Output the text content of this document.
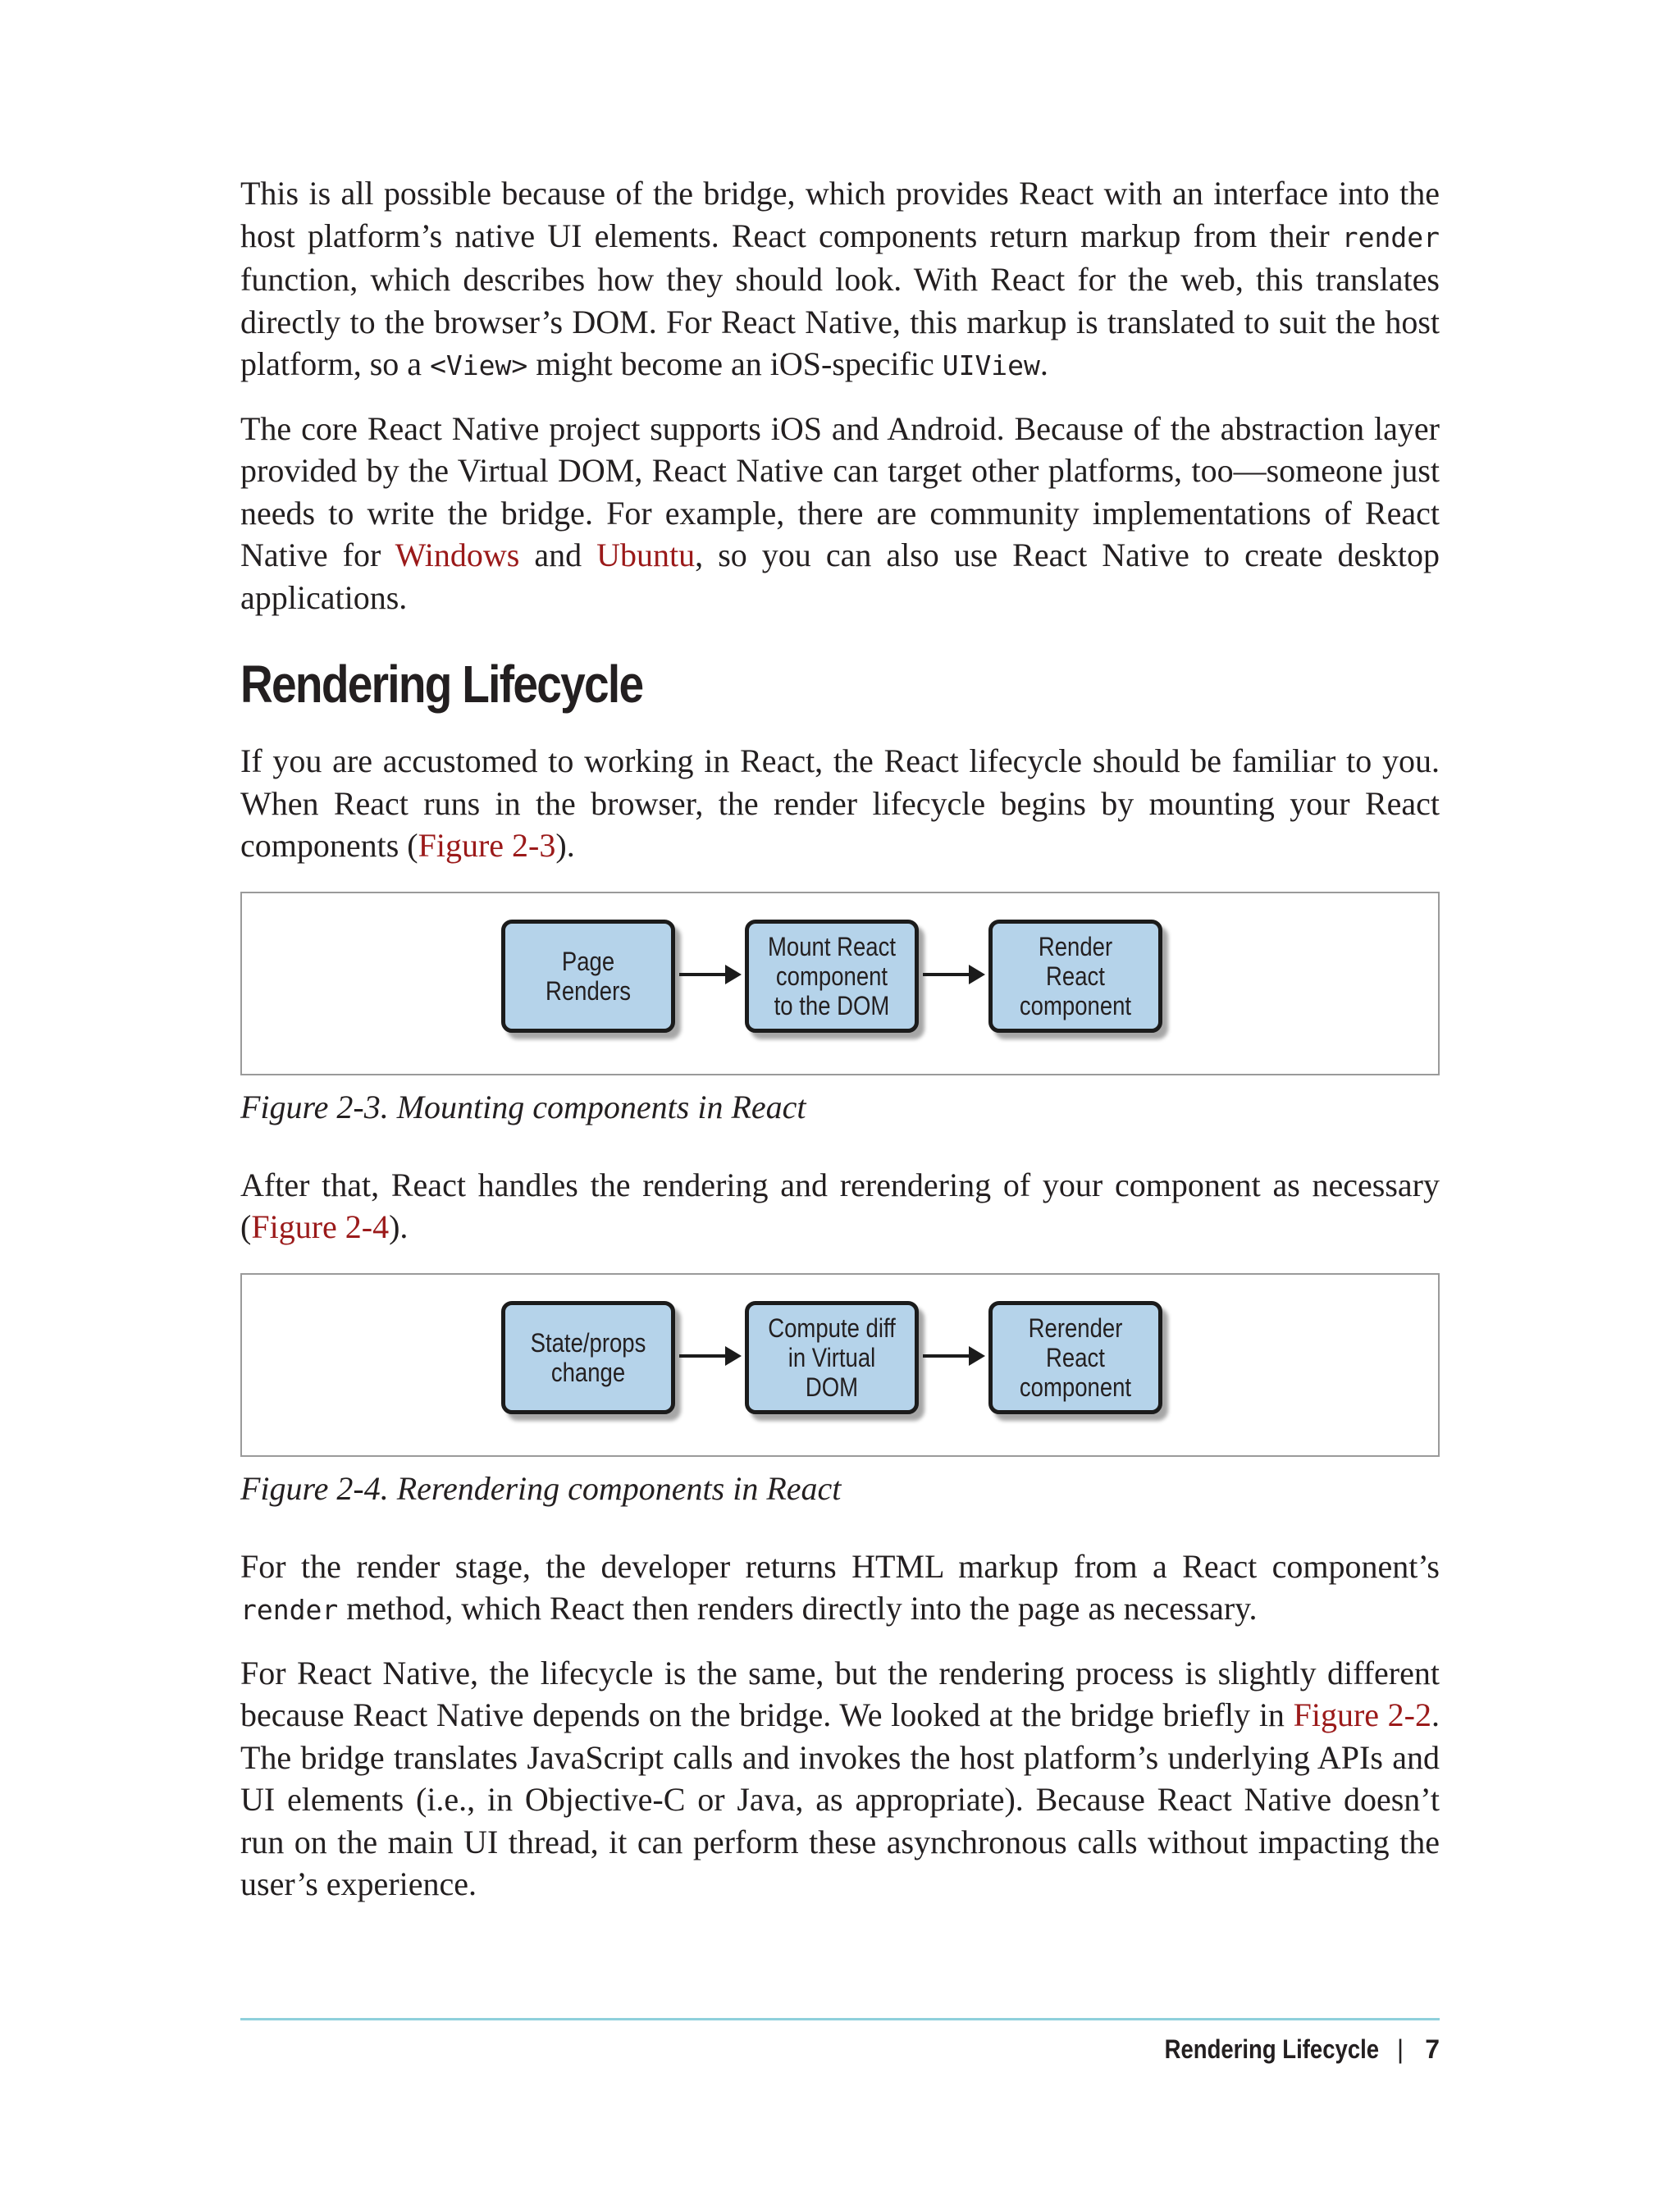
This is all possible because of the bridge, which provides React with an interface into the host platform’s native UI elements. React components return markup from their render function, which describes how they should look. With React for the web, this translates directly to the browser’s DOM. For React Native, this markup is translated to suit the host platform, so a <View> might become an iOS-specific UIView.

The core React Native project supports iOS and Android. Because of the abstraction layer provided by the Virtual DOM, React Native can target other platforms, too—someone just needs to write the bridge. For example, there are community implementations of React Native for Windows and Ubuntu, so you can also use React Native to create desktop applications.

Rendering Lifecycle

If you are accustomed to working in React, the React lifecycle should be familiar to you. When React runs in the browser, the render lifecycle begins by mounting your React components (Figure 2-3).

Page Renders
Mount React component to the DOM
Render React component
Figure 2-3. Mounting components in React

After that, React handles the rendering and rerendering of your component as necessary (Figure 2-4).

State/props change
Compute diff in Virtual DOM
Rerender React component
Figure 2-4. Rerendering components in React

For the render stage, the developer returns HTML markup from a React component’s render method, which React then renders directly into the page as necessary.

For React Native, the lifecycle is the same, but the rendering process is slightly different because React Native depends on the bridge. We looked at the bridge briefly in Figure 2-2. The bridge translates JavaScript calls and invokes the host platform’s underlying APIs and UI elements (i.e., in Objective-C or Java, as appropriate). Because React Native doesn’t run on the main UI thread, it can perform these asynchronous calls without impacting the user’s experience.

Rendering Lifecycle | 7
